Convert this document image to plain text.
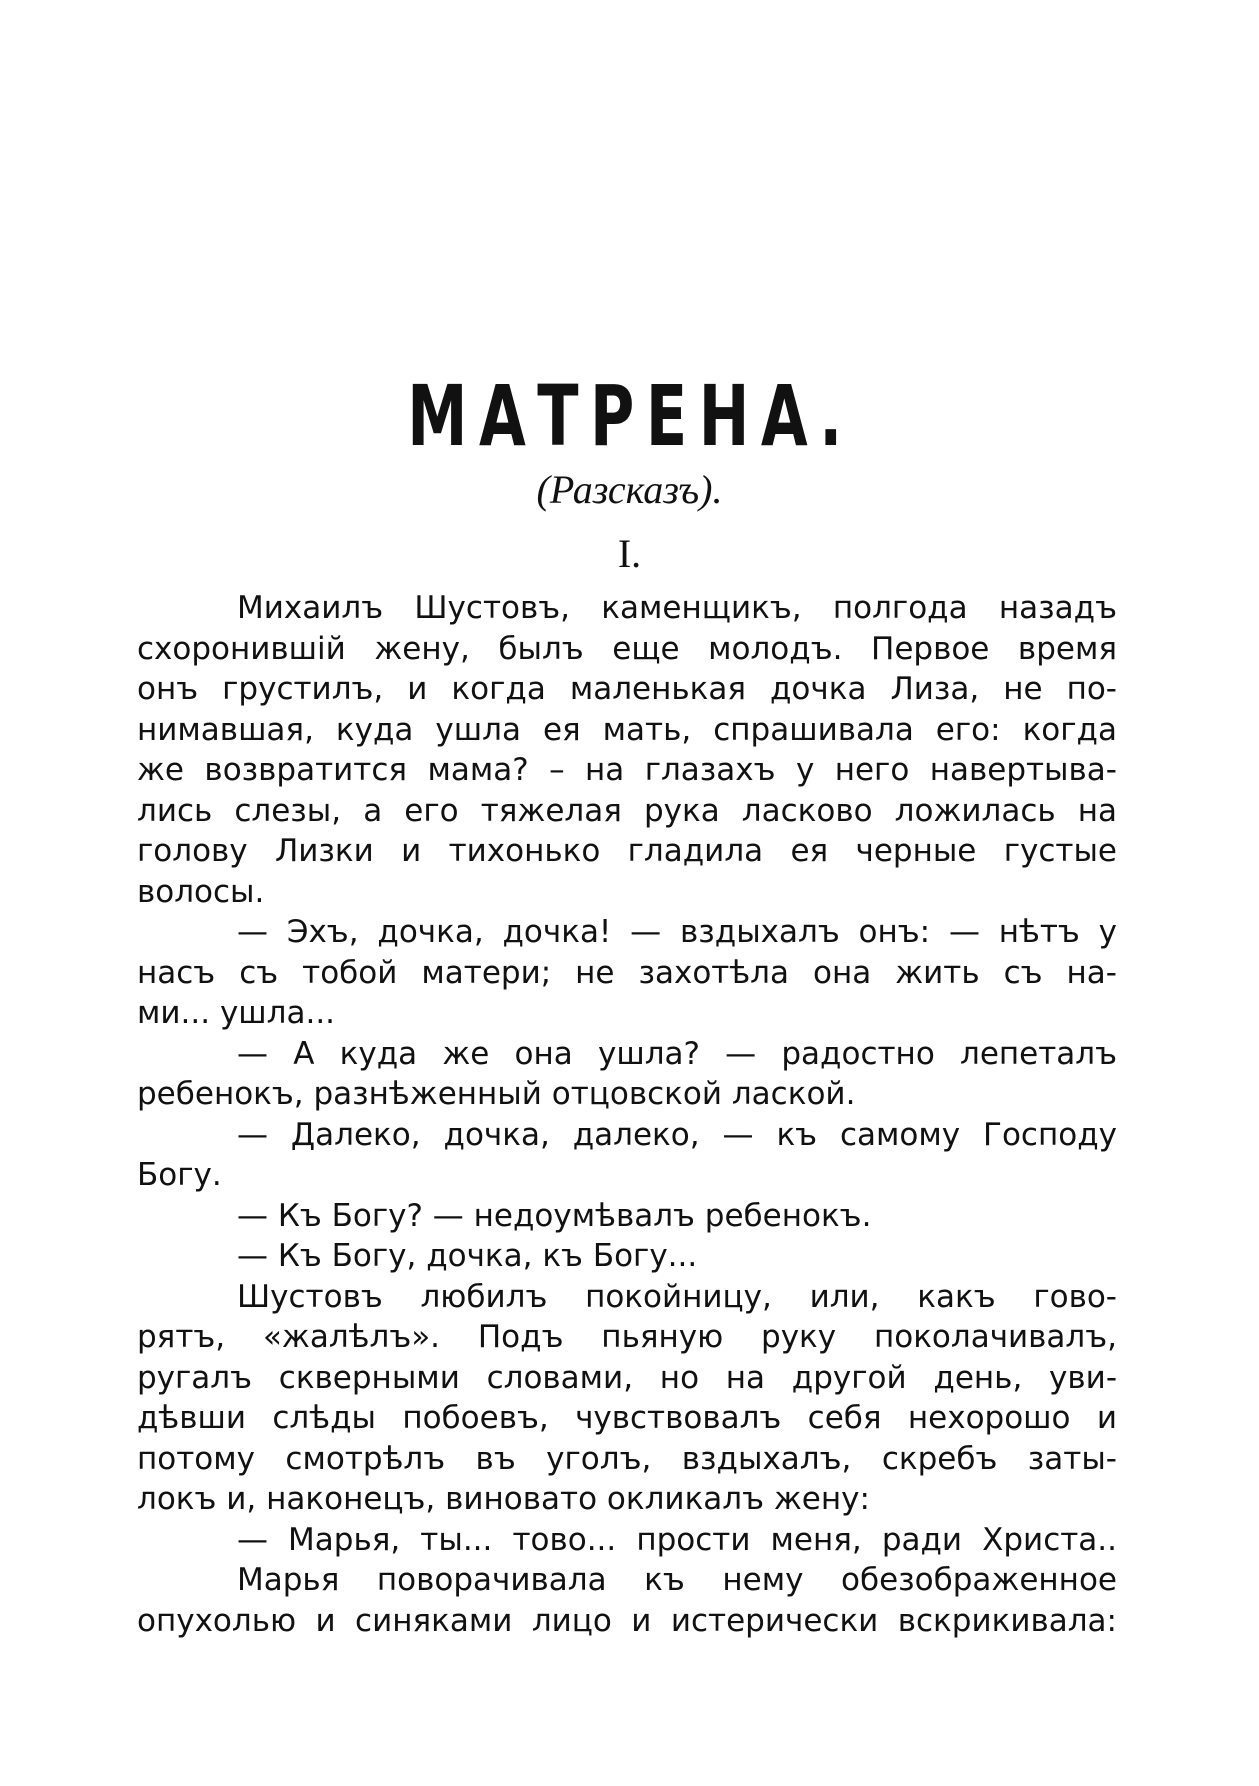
МАТРЕНА.
(Разсказъ).
I.
Михаилъ Шустовъ, каменщикъ, полгода назадъ
схоронившій жену, былъ еще молодъ. Первое время
онъ грустилъ, и когда маленькая дочка Лиза, не по-
нимавшая, куда ушла ея мать, спрашивала его: когда
же возвратится мама? – на глазахъ у него навертыва-
лись слезы, а его тяжелая рука ласково ложилась на
голову Лизки и тихонько гладила ея черные густые
волосы.
— Эхъ, дочка, дочка! — вздыхалъ онъ: — нѣтъ у
насъ съ тобой матери; не захотѣла она жить съ на-
ми... ушла...
— А куда же она ушла? — радостно лепеталъ
ребенокъ, разнѣженный отцовской лаской.
— Далеко, дочка, далеко, — къ самому Господу
Богу.
— Къ Богу? — недоумѣвалъ ребенокъ.
— Къ Богу, дочка, къ Богу...
Шустовъ любилъ покойницу, или, какъ гово-
рятъ, «жалѣлъ». Подъ пьяную руку поколачивалъ,
ругалъ скверными словами, но на другой день, уви-
дѣвши слѣды побоевъ, чувствовалъ себя нехорошо и
потому смотрѣлъ въ уголъ, вздыхалъ, скребъ заты-
локъ и, наконецъ, виновато окликалъ жену:
— Марья, ты... тово... прости меня, ради Христа..
Марья поворачивала къ нему обезображенное
опухолью и синяками лицо и истерически вскрикивала:
